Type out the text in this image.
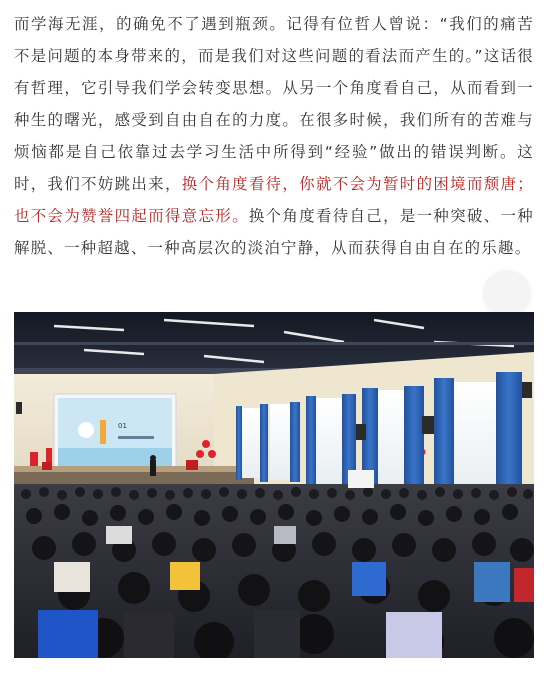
而学海无涯，的确免不了遇到瓶颈。记得有位哲人曾说：“我们的痛苦不是问题的本身带来的，而是我们对这些问题的看法而产生的。”这话很有哲理，它引导我们学会转变思想。从另一个角度看自己，从而看到一种生的曙光，感受到自由自在的力度。在很多时候，我们所有的苦难与烦恼都是自己依靠过去学习生活中所得到“经验”做出的错误判断。这时，我们不妨跳出来，换个角度看待，你就不会为暂时的困境而颓唐；也不会为赞誉四起而得意忘形。换个角度看待自己，是一种突破、一种解脱、一种超越、一种高层次的淡泊宁静，从而获得自由自在的乐趣。
01
